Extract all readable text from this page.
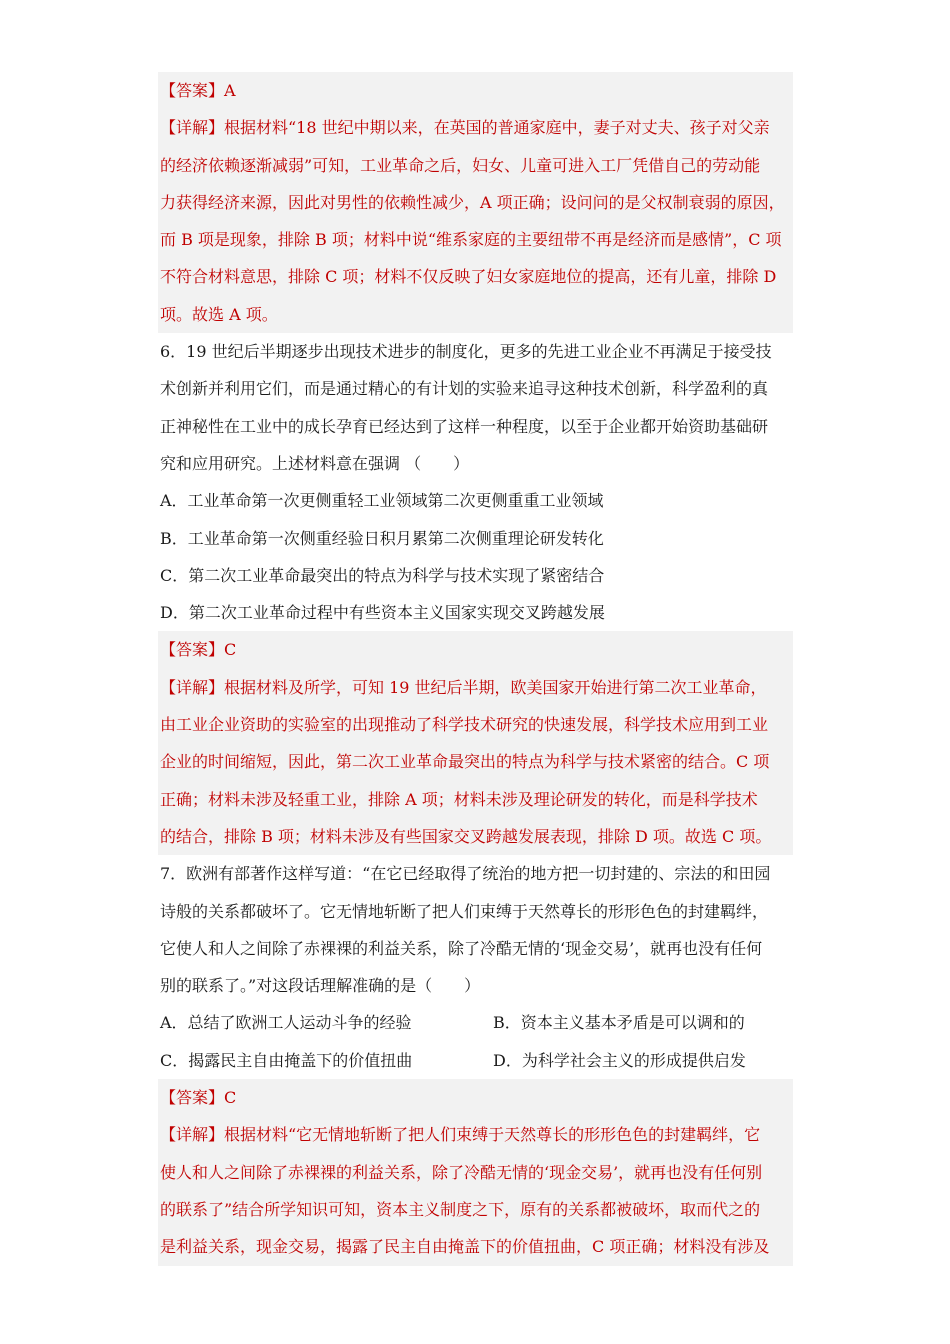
【答案】A
【详解】根据材料“18 世纪中期以来，在英国的普通家庭中，妻子对丈夫、孩子对父亲
的经济依赖逐渐减弱”可知，工业革命之后，妇女、儿童可进入工厂凭借自己的劳动能
力获得经济来源，因此对男性的依赖性减少，A 项正确；设问问的是父权制衰弱的原因，
而 B 项是现象，排除 B 项；材料中说“维系家庭的主要纽带不再是经济而是感情”，C 项
不符合材料意思，排除 C 项；材料不仅反映了妇女家庭地位的提高，还有儿童，排除 D
项。故选 A 项。
6．19 世纪后半期逐步出现技术进步的制度化，更多的先进工业企业不再满足于接受技
术创新并利用它们，而是通过精心的有计划的实验来追寻这种技术创新，科学盈利的真
正神秘性在工业中的成长孕育已经达到了这样一种程度，以至于企业都开始资助基础研
究和应用研究。上述材料意在强调 （　　）
A．工业革命第一次更侧重轻工业领域第二次更侧重重工业领域
B．工业革命第一次侧重经验日积月累第二次侧重理论研发转化
C．第二次工业革命最突出的特点为科学与技术实现了紧密结合
D．第二次工业革命过程中有些资本主义国家实现交叉跨越发展
【答案】C
【详解】根据材料及所学，可知 19 世纪后半期，欧美国家开始进行第二次工业革命，
由工业企业资助的实验室的出现推动了科学技术研究的快速发展，科学技术应用到工业
企业的时间缩短，因此，第二次工业革命最突出的特点为科学与技术紧密的结合。C 项
正确；材料未涉及轻重工业，排除 A 项；材料未涉及理论研发的转化，而是科学技术
的结合，排除 B 项；材料未涉及有些国家交叉跨越发展表现，排除 D 项。故选 C 项。
7．欧洲有部著作这样写道：“在它已经取得了统治的地方把一切封建的、宗法的和田园
诗般的关系都破坏了。它无情地斩断了把人们束缚于天然尊长的形形色色的封建羁绊，
它使人和人之间除了赤裸裸的利益关系，除了冷酷无情的‘现金交易’，就再也没有任何
别的联系了。”对这段话理解准确的是（　　）
A．总结了欧洲工人运动斗争的经验	B．资本主义基本矛盾是可以调和的
C．揭露民主自由掩盖下的价值扭曲	D．为科学社会主义的形成提供启发
【答案】C
【详解】根据材料“它无情地斩断了把人们束缚于天然尊长的形形色色的封建羁绊，它
使人和人之间除了赤裸裸的利益关系，除了冷酷无情的‘现金交易’，就再也没有任何别
的联系了”结合所学知识可知，资本主义制度之下，原有的关系都被破坏，取而代之的
是利益关系，现金交易，揭露了民主自由掩盖下的价值扭曲，C 项正确；材料没有涉及
